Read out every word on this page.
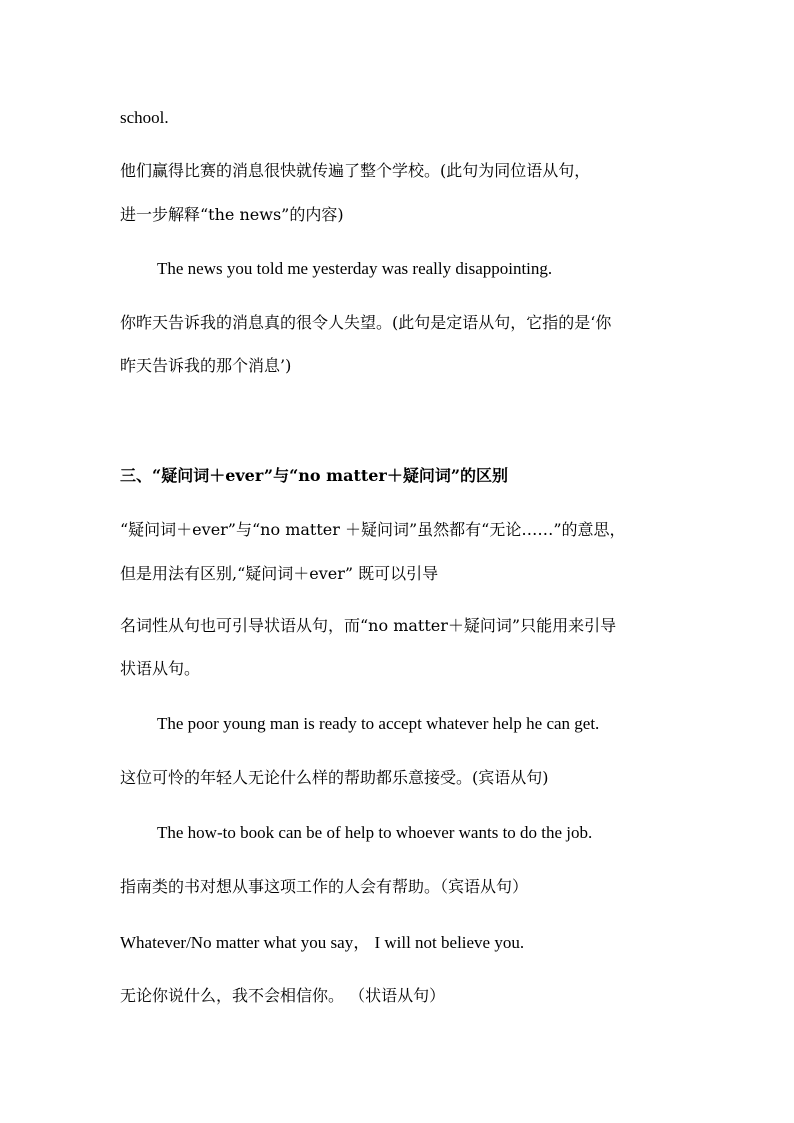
school.

他们赢得比赛的消息很快就传遍了整个学校。(此句为同位语从句，

进一步解释“the news”的内容)

The news you told me yesterday was really disappointing.

你昨天告诉我的消息真的很令人失望。(此句是定语从句，它指的是‘你

昨天告诉我的那个消息’)

三、“疑问词＋ever”与“no matter＋疑问词”的区别

“疑问词＋ever”与“no matter ＋疑问词”虽然都有“无论……”的意思，

但是用法有区别,“疑问词＋ever” 既可以引导

名词性从句也可引导状语从句，而“no matter＋疑问词”只能用来引导

状语从句。

The poor young man is ready to accept whatever help he can get.

这位可怜的年轻人无论什么样的帮助都乐意接受。(宾语从句)

The how-to book can be of help to whoever wants to do the job.

指南类的书对想从事这项工作的人会有帮助。（宾语从句）

Whatever/No matter what you say， I will not believe you.

无论你说什么，我不会相信你。 （状语从句）
